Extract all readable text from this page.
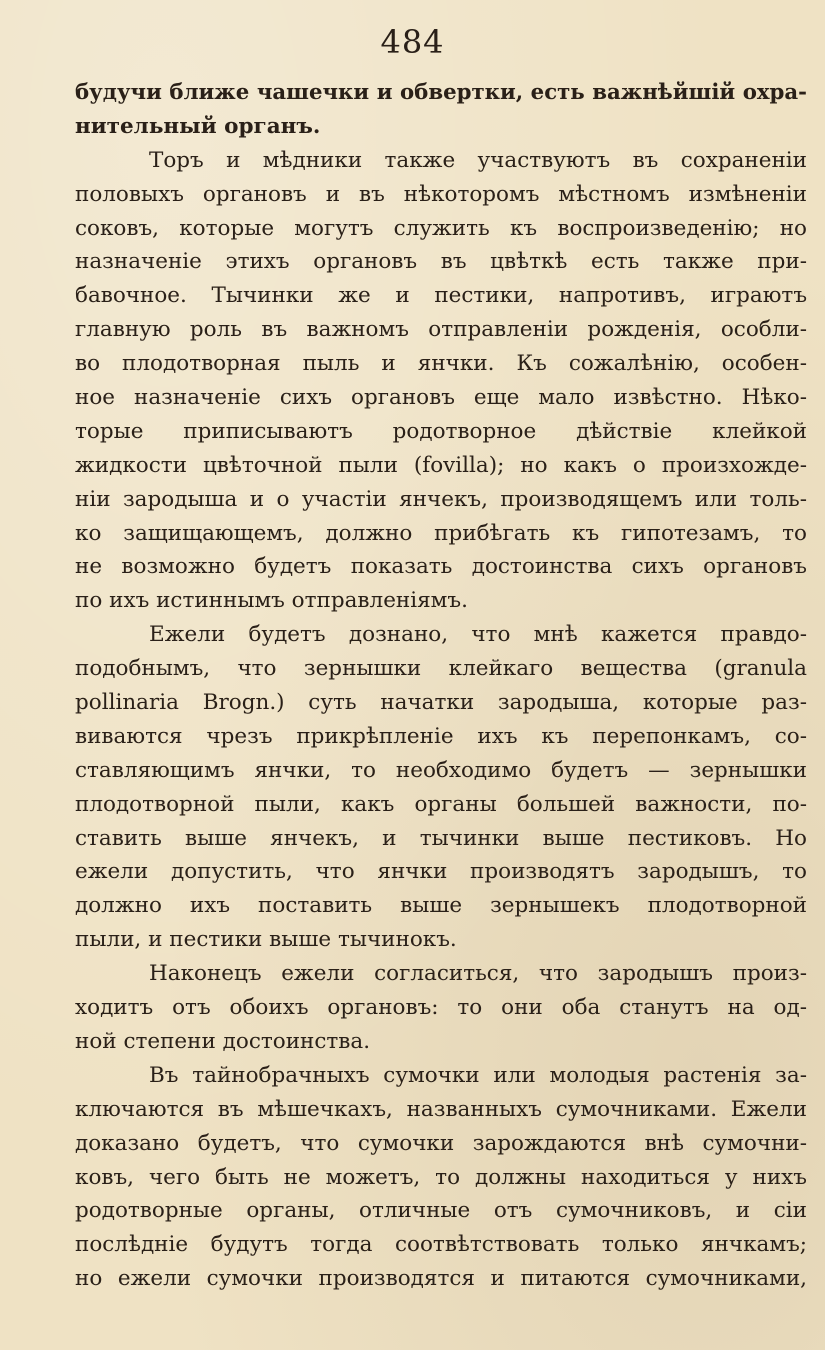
484
будучи ближе чашечки и обвертки, есть важнѣйшiй охра-
нительный органъ.
Торъ и мѣдники также участвуютъ въ сохраненiи
половыхъ органовъ и въ нѣкоторомъ мѣстномъ измѣненiи
соковъ, которые могутъ служить къ воспроизведенiю; но
назначенiе этихъ органовъ въ цвѣткѣ есть также при-
бавочное. Тычинки же и пестики, напротивъ, играютъ
главную роль въ важномъ отправленiи рожденiя, особли-
во плодотворная пыль и янчки. Къ сожалѣнiю, особен-
ное назначенiе сихъ органовъ еще мало извѣстно. Нѣко-
торые приписываютъ родотворное дѣйствiе клейкой
жидкости цвѣточной пыли (fovilla); но какъ о произхожде-
нiи зародыша и о участiи янчекъ, производящемъ или толь-
ко защищающемъ, должно прибѣгать къ гипотезамъ, то
не возможно будетъ показать достоинства сихъ органовъ
по ихъ истиннымъ отправленiямъ.
Ежели будетъ дознано, что мнѣ кажется правдо-
подобнымъ, что зернышки клейкаго вещества (granula
pollinaria Brogn.) суть начатки зародыша, которые раз-
виваются чрезъ прикрѣпленiе ихъ къ перепонкамъ, со-
ставляющимъ янчки, то необходимо будетъ — зернышки
плодотворной пыли, какъ органы большей важности, по-
ставить выше янчекъ, и тычинки выше пестиковъ. Но
ежели допустить, что янчки производятъ зародышъ, то
должно ихъ поставить выше зернышекъ плодотворной
пыли, и пестики выше тычинокъ.
Наконецъ ежели согласиться, что зародышъ произ-
ходитъ отъ обоихъ органовъ: то они оба станутъ на од-
ной степени достоинства.
Въ тайнобрачныхъ сумочки или молодыя растенiя за-
ключаются въ мѣшечкахъ, названныхъ сумочниками. Ежели
доказано будетъ, что сумочки зарождаются внѣ сумочни-
ковъ, чего быть не можетъ, то должны находиться у нихъ
родотворные органы, отличные отъ сумочниковъ, и сiи
послѣднiе будутъ тогда соотвѣтствовать только янчкамъ;
но ежели сумочки производятся и питаются сумочниками,
